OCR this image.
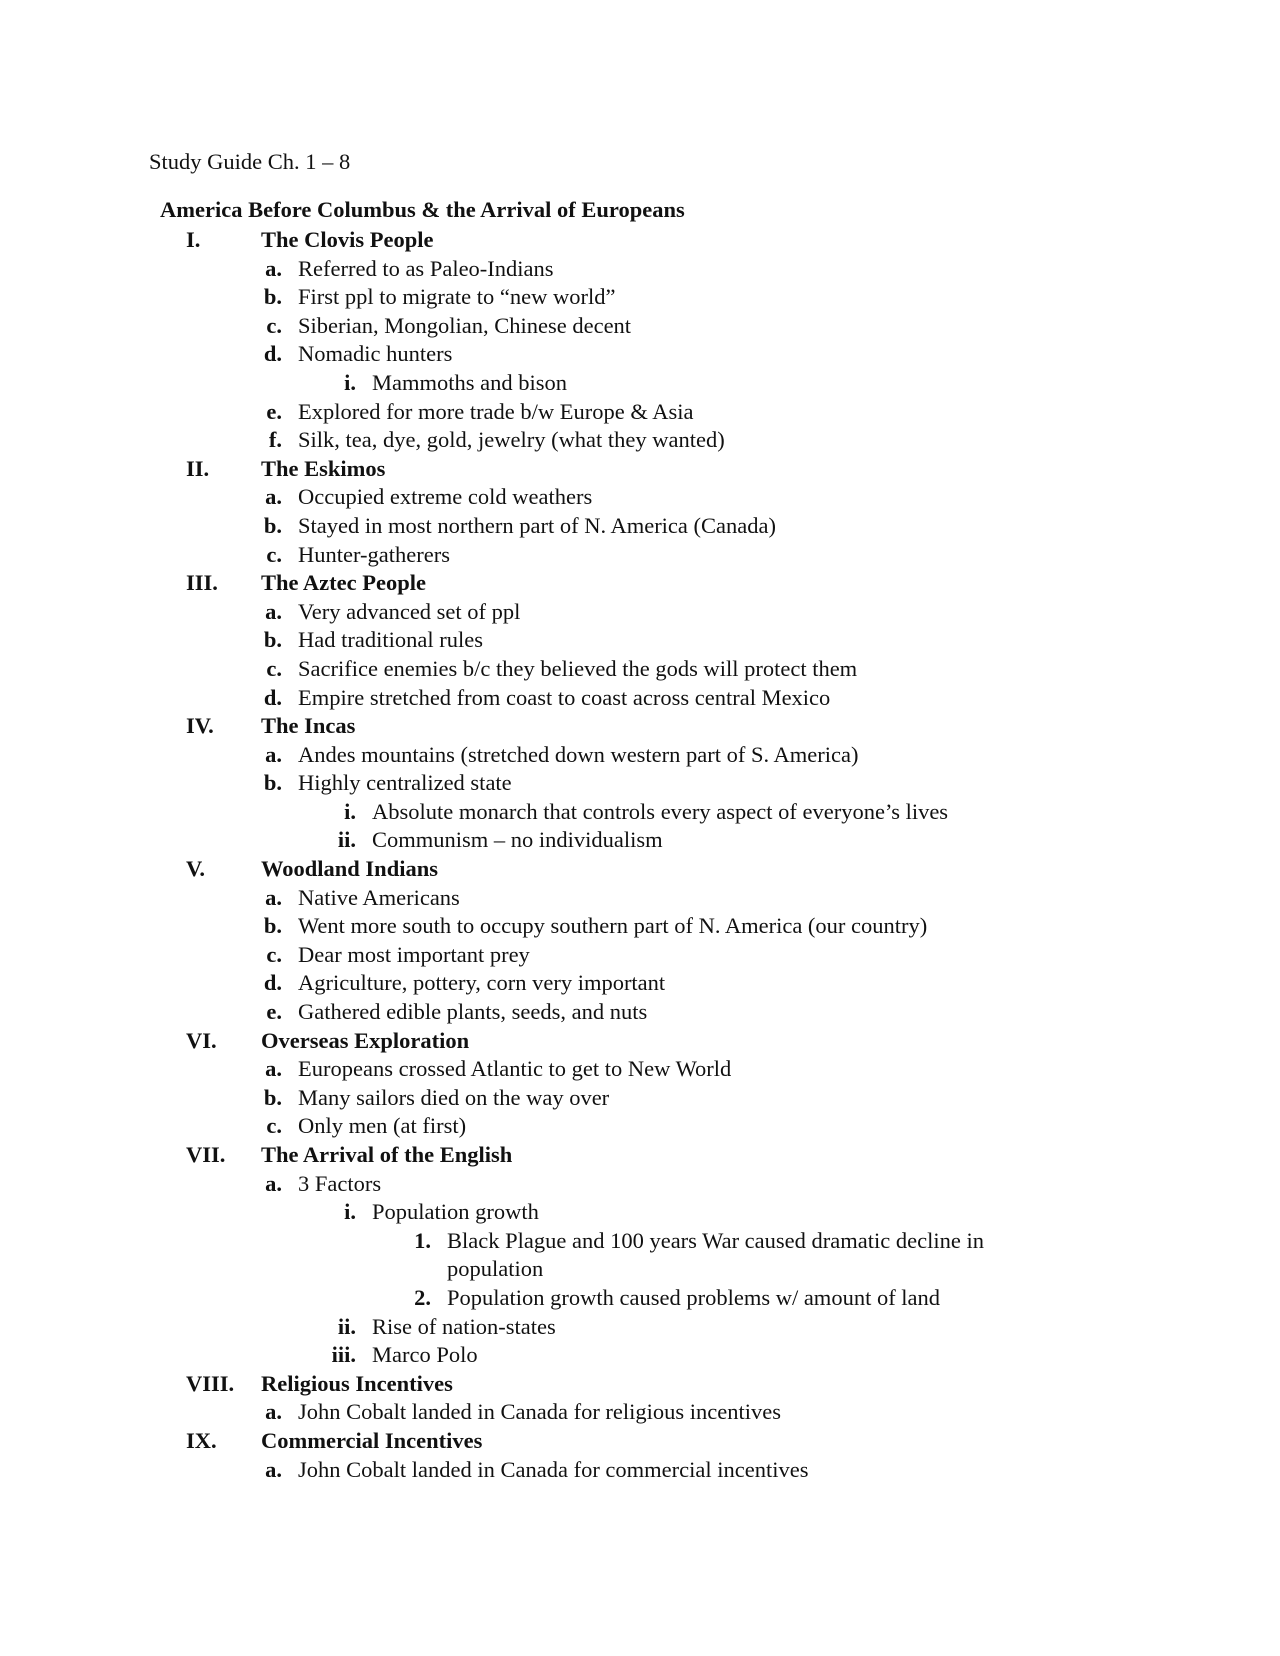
Study Guide Ch. 1 – 8
America Before Columbus & the Arrival of Europeans
I.	The Clovis People
a. Referred to as Paleo-Indians
b. First ppl to migrate to “new world”
c. Siberian, Mongolian, Chinese decent
d. Nomadic hunters
i. Mammoths and bison
e. Explored for more trade b/w Europe & Asia
f. Silk, tea, dye, gold, jewelry (what they wanted)
II. The Eskimos
a. Occupied extreme cold weathers
b. Stayed in most northern part of N. America (Canada)
c. Hunter-gatherers
III. The Aztec People
a. Very advanced set of ppl
b. Had traditional rules
c. Sacrifice enemies b/c they believed the gods will protect them
d. Empire stretched from coast to coast across central Mexico
IV. The Incas
a. Andes mountains (stretched down western part of S. America)
b. Highly centralized state
i. Absolute monarch that controls every aspect of everyone’s lives
ii. Communism – no individualism
V. Woodland Indians
a. Native Americans
b. Went more south to occupy southern part of N. America (our country)
c. Dear most important prey
d. Agriculture, pottery, corn very important
e. Gathered edible plants, seeds, and nuts
VI. Overseas Exploration
a. Europeans crossed Atlantic to get to New World
b. Many sailors died on the way over
c. Only men (at first)
VII. The Arrival of the English
a. 3 Factors
i. Population growth
1. Black Plague and 100 years War caused dramatic decline in
population
2. Population growth caused problems w/ amount of land
ii. Rise of nation-states
iii. Marco Polo
VIII. Religious Incentives
a. John Cobalt landed in Canada for religious incentives
IX. Commercial Incentives
a. John Cobalt landed in Canada for commercial incentives
